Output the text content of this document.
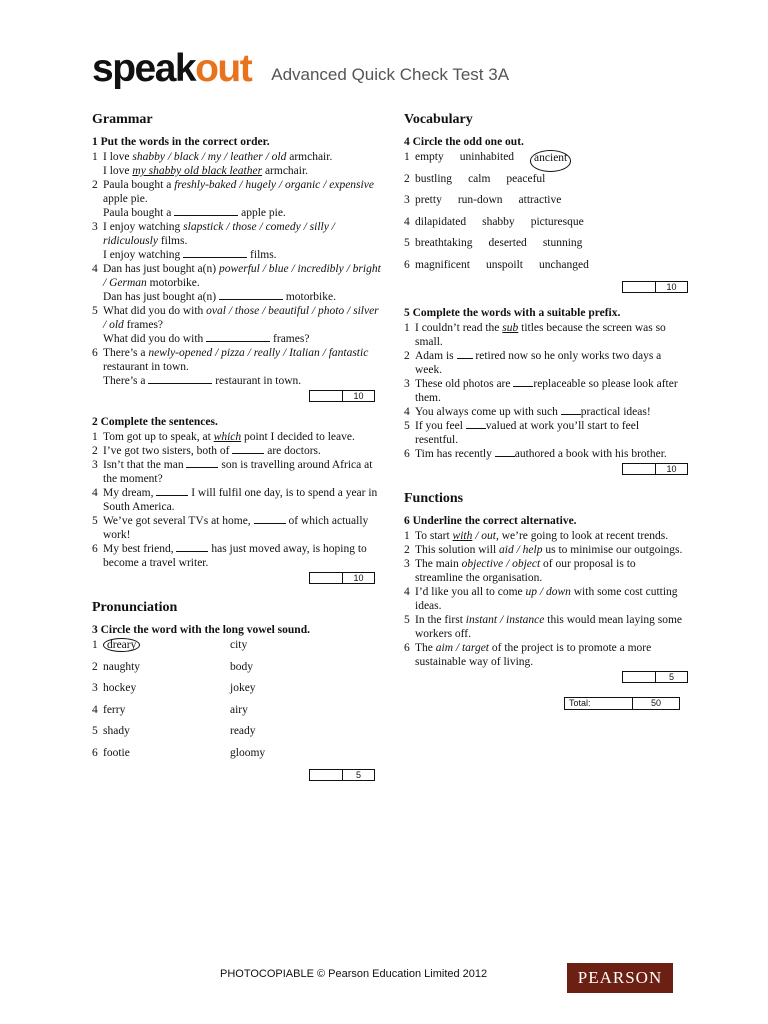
speakout Advanced Quick Check Test 3A
Grammar
1 Put the words in the correct order.
1 I love shabby / black / my / leather / old armchair.
I love my shabby old black leather armchair.
2 Paula bought a freshly-baked / hugely / organic / expensive apple pie.
Paula bought a	apple pie.
3 I enjoy watching slapstick / those / comedy / silly / ridiculously films.
I enjoy watching	films.
4 Dan has just bought a(n) powerful / blue / incredibly / bright / German motorbike.
Dan has just bought a(n)	motorbike.
5 What did you do with oval / those / beautiful / photo / silver / old frames?
What did you do with	frames?
6 There’s a newly-opened / pizza / really / Italian / fantastic restaurant in town.
There’s a	restaurant in town.
10
2 Complete the sentences.
1 Tom got up to speak, at which point I decided to leave.
2 I’ve got two sisters, both of	are doctors.
3 Isn’t that the man	son is travelling around Africa at the moment?
4 My dream,	I will fulfil one day, is to spend a year in South America.
5 We’ve got several TVs at home,	of which actually work!
6 My best friend,	has just moved away, is hoping to become a travel writer.
10
Pronunciation
3 Circle the word with the long vowel sound.
1 dreary	city
2 naughty	body
3 hockey	jokey
4 ferry	airy
5 shady	ready
6 footie	gloomy
5
Vocabulary
4 Circle the odd one out.
1 empty uninhabited	ancient
2 bustling calm peaceful
3 pretty run-down attractive
4 dilapidated shabby picturesque
5 breathtaking deserted stunning
6 magnificent unspoilt unchanged
10
5 Complete the words with a suitable prefix.
1 I couldn’t read the sub titles because the screen was so small.
2 Adam is  retired now so he only works two days a week.
3 These old photos are replaceable so please look after them.
4 You always come up with such practical ideas!
5 If you feel valued at work you’ll start to feel resentful.
6 Tim has recently authored a book with his brother.
10
Functions
6 Underline the correct alternative.
1 To start with / out, we’re going to look at recent trends.
2 This solution will aid / help us to minimise our outgoings.
3 The main objective / object of our proposal is to streamline the organisation.
4 I’d like you all to come up / down with some cost cutting ideas.
5 In the first instant / instance this would mean laying some workers off.
6 The aim / target of the project is to promote a more sustainable way of living.
5
Total:	50
PHOTOCOPIABLE © Pearson Education Limited 2012	PEARSON
